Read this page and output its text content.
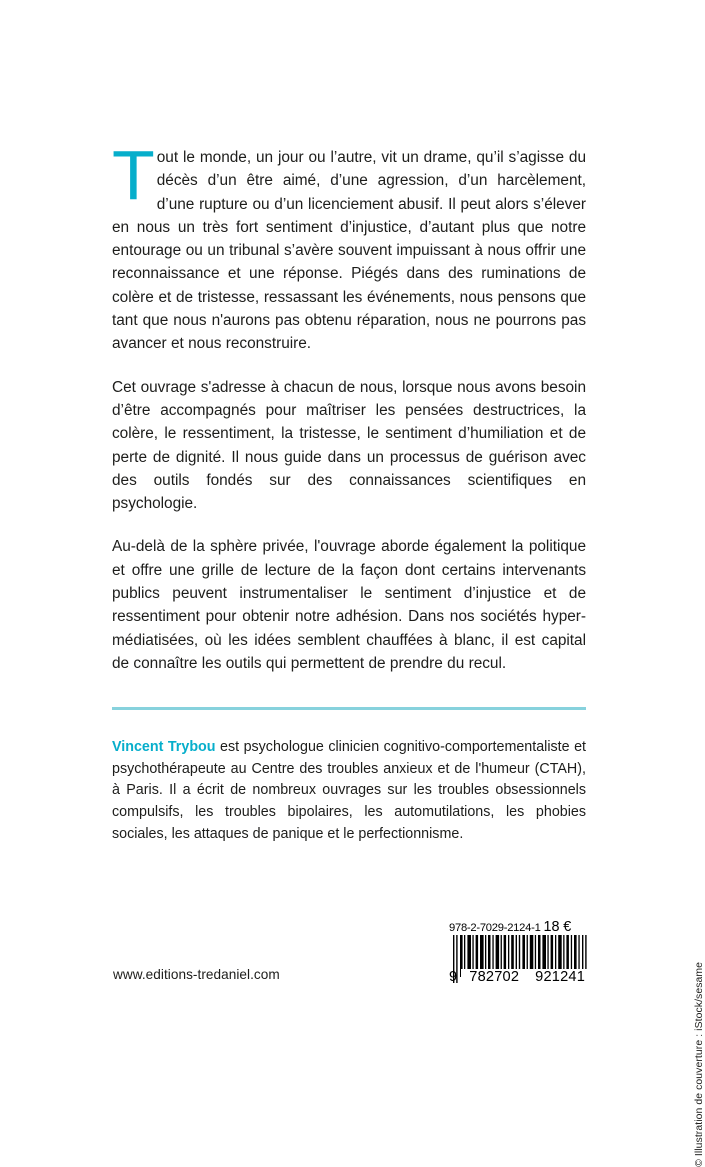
Tout le monde, un jour ou l’autre, vit un drame, qu’il s’agisse du décès d’un être aimé, d’une agression, d’un harcèlement, d’une rupture ou d’un licenciement abusif. Il peut alors s’élever en nous un très fort sentiment d’injustice, d’autant plus que notre entourage ou un tribunal s’avère souvent impuissant à nous offrir une reconnaissance et une réponse. Piégés dans des ruminations de colère et de tristesse, ressassant les événements, nous pensons que tant que nous n'aurons pas obtenu réparation, nous ne pourrons pas avancer et nous reconstruire.

Cet ouvrage s'adresse à chacun de nous, lorsque nous avons besoin d’être accompagnés pour maîtriser les pensées destructrices, la colère, le ressentiment, la tristesse, le sentiment d’humiliation et de perte de dignité. Il nous guide dans un processus de guérison avec des outils fondés sur des connaissances scientifiques en psychologie.

Au-delà de la sphère privée, l'ouvrage aborde également la politique et offre une grille de lecture de la façon dont certains intervenants publics peuvent instrumentaliser le sentiment d’injustice et de ressentiment pour obtenir notre adhésion. Dans nos sociétés hyper-médiatisées, où les idées semblent chauffées à blanc, il est capital de connaître les outils qui permettent de prendre du recul.

Vincent Trybou est psychologue clinicien cognitivo-comportementaliste et psychothérapeute au Centre des troubles anxieux et de l'humeur (CTAH), à Paris. Il a écrit de nombreux ouvrages sur les troubles obsessionnels compulsifs, les troubles bipolaires, les automutilations, les phobies sociales, les attaques de panique et le perfectionnisme.

www.editions-tredaniel.com	© Illustration de couverture : iStock/sesame
978-2-7029-2124-1 18 €
9 782702	921241
